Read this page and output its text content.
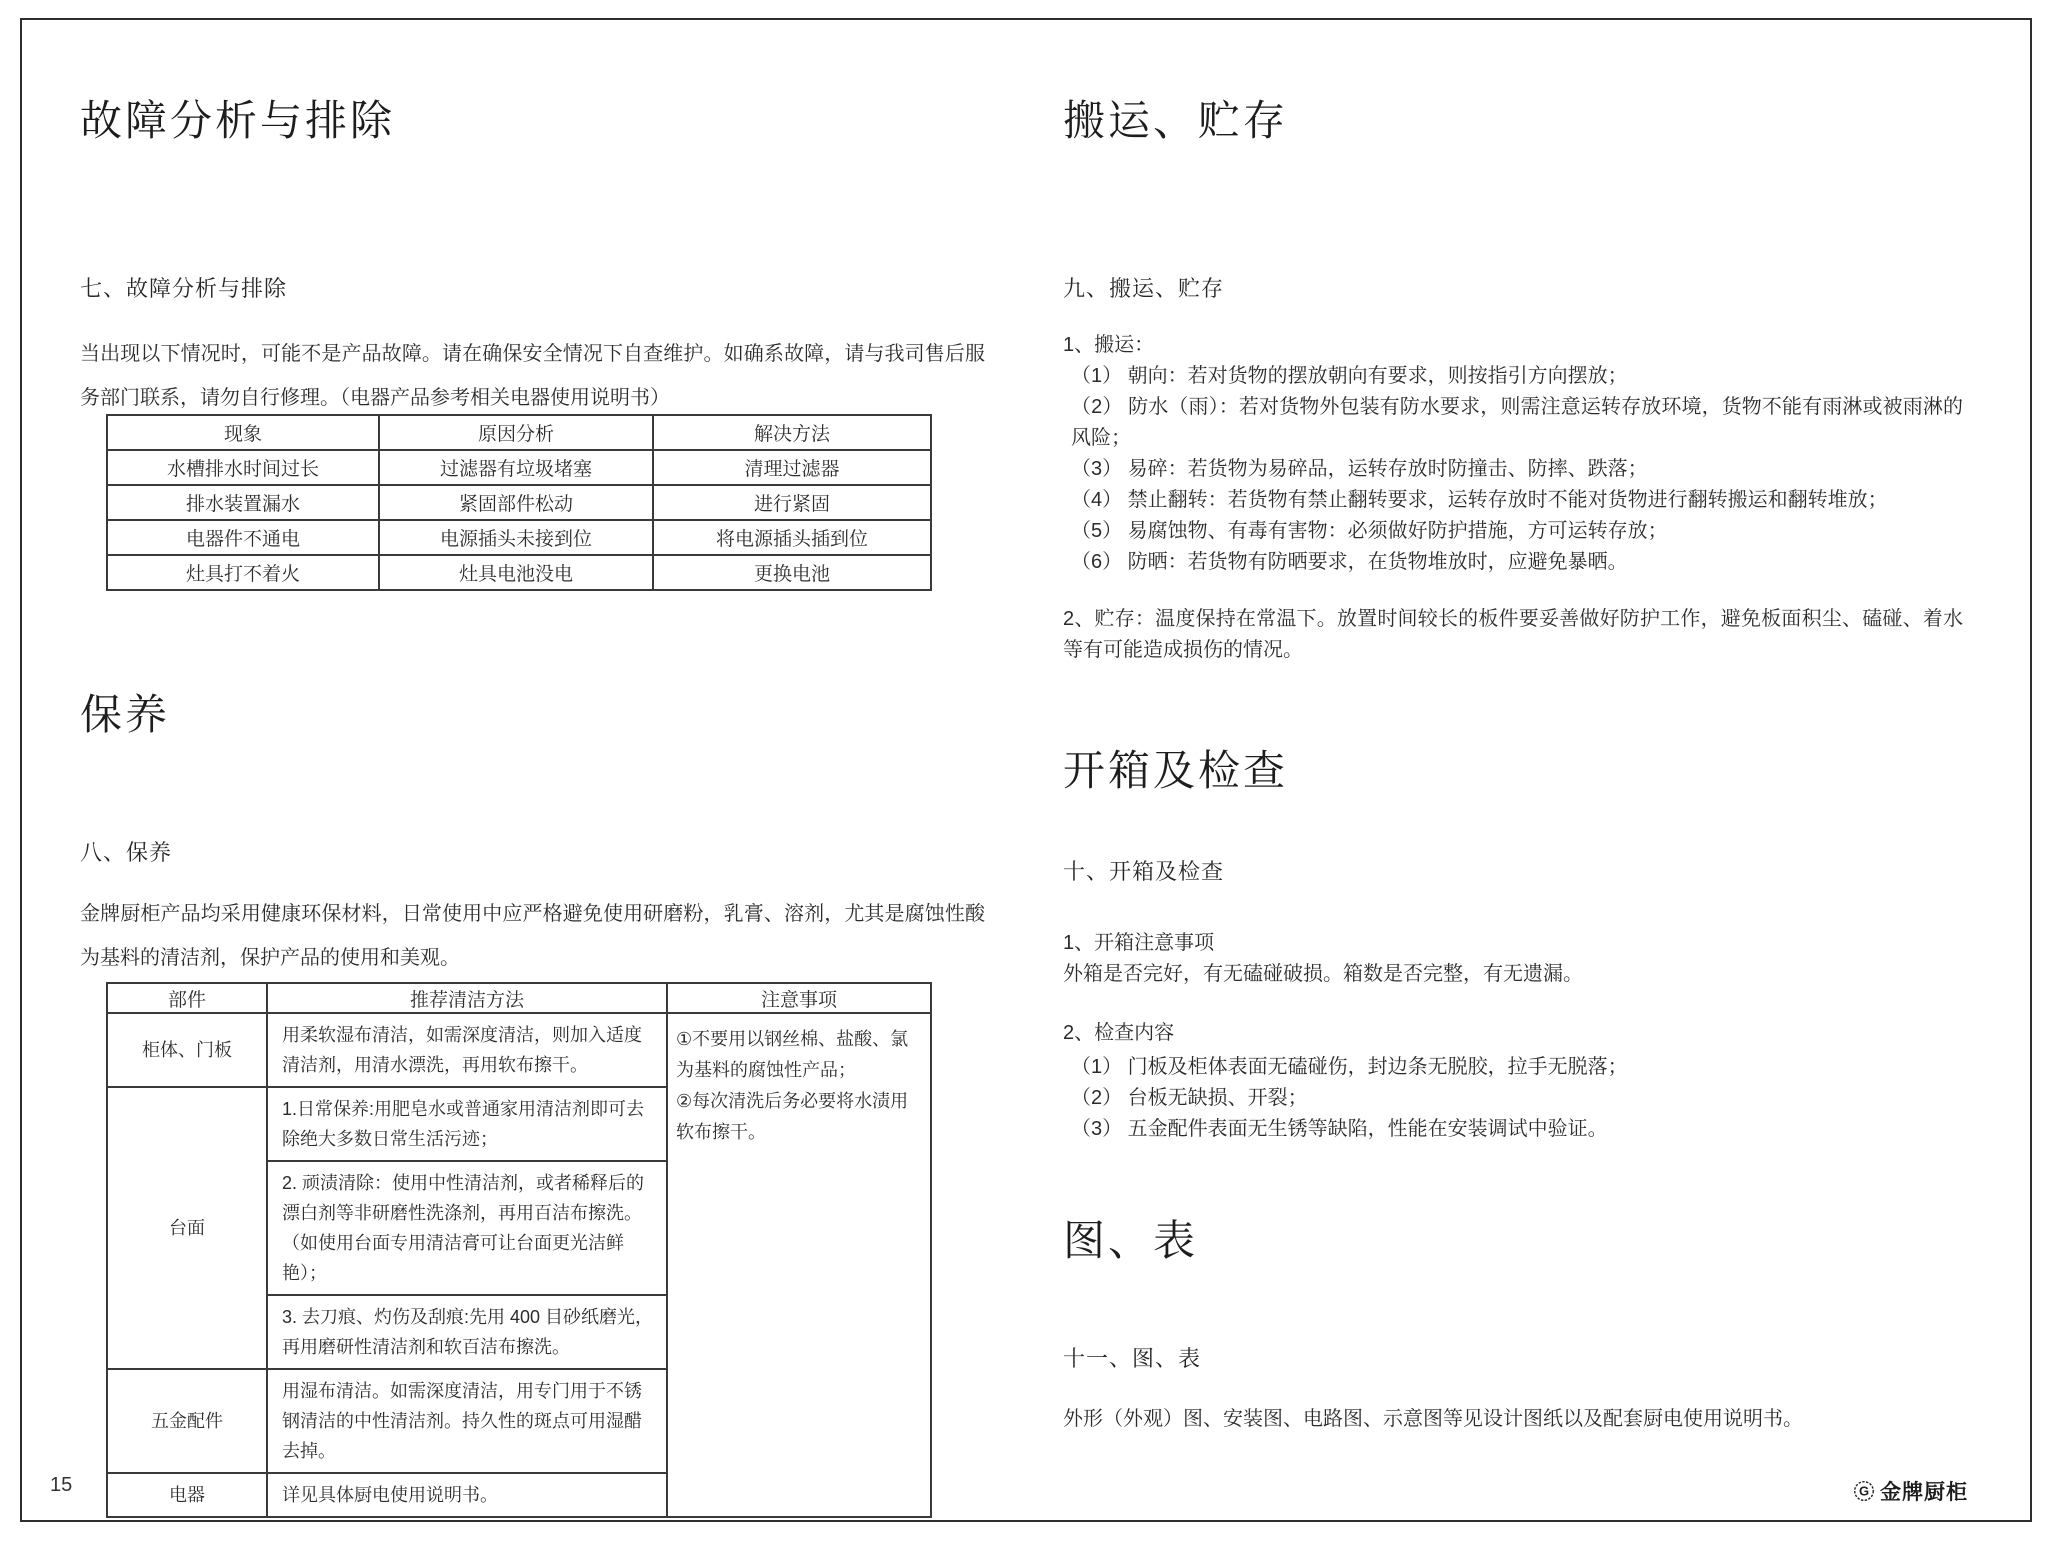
故障分析与排除
七、故障分析与排除

当出现以下情况时，可能不是产品故障。请在确保安全情况下自查维护。如确系故障，请与我司售后服务部门联系，请勿自行修理。（电器产品参考相关电器使用说明书）

现象	原因分析	解决方法
水槽排水时间过长	过滤器有垃圾堵塞	清理过滤器
排水装置漏水	紧固部件松动	进行紧固
电器件不通电	电源插头未接到位	将电源插头插到位
灶具打不着火	灶具电池没电	更换电池
保养
八、保养

金牌厨柜产品均采用健康环保材料，日常使用中应严格避免使用研磨粉，乳膏、溶剂，尤其是腐蚀性酸为基料的清洁剂，保护产品的使用和美观。

部件	推荐清洁方法	注意事项
柜体、门板	用柔软湿布清洁，如需深度清洁，则加入适度清洁剂，用清水漂洗，再用软布擦干。	①不要用以钢丝棉、盐酸、氯为基料的腐蚀性产品；

②每次清洗后务必要将水渍用软布擦干。

台面	1.日常保养:用肥皂水或普通家用清洁剂即可去除绝大多数日常生活污迹；	
	2. 顽渍清除：使用中性清洁剂，或者稀释后的漂白剂等非研磨性洗涤剂，再用百洁布擦洗。（如使用台面专用清洁膏可让台面更光洁鲜艳）；	
	3. 去刀痕、灼伤及刮痕:先用 400 目砂纸磨光，再用磨研性清洁剂和软百洁布擦洗。	
五金配件	用湿布清洁。如需深度清洁，用专门用于不锈钢清洁的中性清洁剂。持久性的斑点可用湿醋去掉。	
电器	详见具体厨电使用说明书。	
搬运、贮存
九、搬运、贮存

1、搬运：

（1） 朝向：若对货物的摆放朝向有要求，则按指引方向摆放；

（2） 防水（雨）：若对货物外包装有防水要求，则需注意运转存放环境，货物不能有雨淋或被雨淋的风险；

（3） 易碎：若货物为易碎品，运转存放时防撞击、防摔、跌落；

（4） 禁止翻转：若货物有禁止翻转要求，运转存放时不能对货物进行翻转搬运和翻转堆放；

（5） 易腐蚀物、有毒有害物：必须做好防护措施，方可运转存放；

（6） 防晒：若货物有防晒要求，在货物堆放时，应避免暴晒。

2、贮存：温度保持在常温下。放置时间较长的板件要妥善做好防护工作，避免板面积尘、磕碰、着水等有可能造成损伤的情况。

开箱及检查
十、开箱及检查

1、开箱注意事项

外箱是否完好，有无磕碰破损。箱数是否完整，有无遗漏。

2、检查内容

（1） 门板及柜体表面无磕碰伤，封边条无脱胶，拉手无脱落；

（2） 台板无缺损、开裂；

（3） 五金配件表面无生锈等缺陷，性能在安装调试中验证。

图、表
十一、图、表

外形（外观）图、安装图、电路图、示意图等见设计图纸以及配套厨电使用说明书。

15	G 金牌厨柜
